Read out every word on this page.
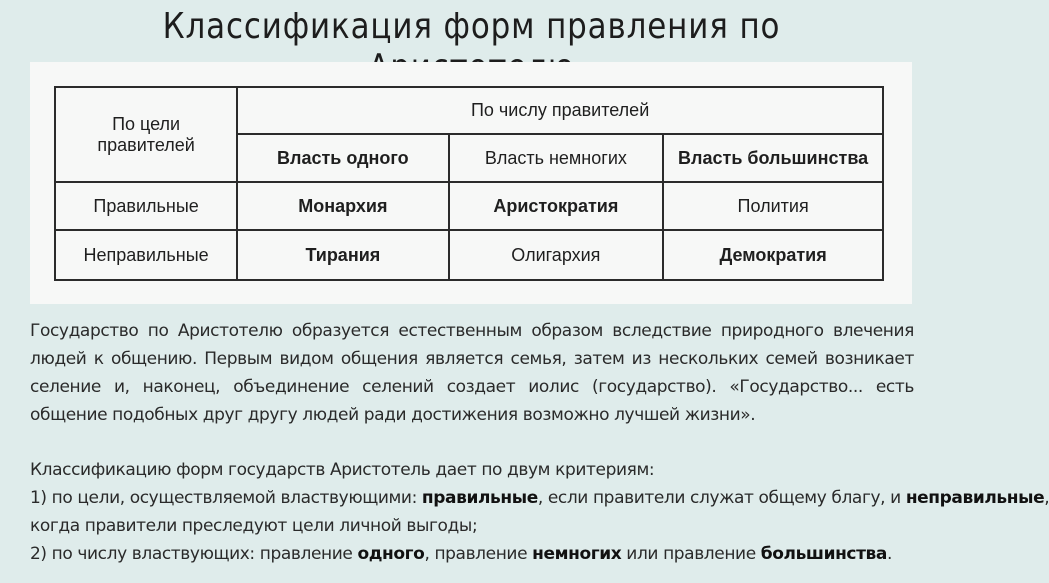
Классификация форм правления по
По цели правителей	По числу правителей		
	Власть одного	Власть немногих	Власть большинства
Правильные	Монархия	Аристократия	Полития
Неправильные	Тирания	Олигархия	Демократия
Государство по Аристотелю образуется естественным образом вследствие природного влечения людей к общению. Первым видом общения является семья, затем из нескольких семей возникает селение и, наконец, объединение селений создает иолис (государство). «Государство... есть общение подобных друг другу людей ради достижения возможно лучшей жизни».
Классификацию форм государств Аристотель дает по двум критериям:
1) по цели, осуществляемой властвующими: правильные, если правители служат общему благу, и неправильные,
когда правители преследуют цели личной выгоды;
2) по числу властвующих: правление одного, правление немногих или правление большинства.
